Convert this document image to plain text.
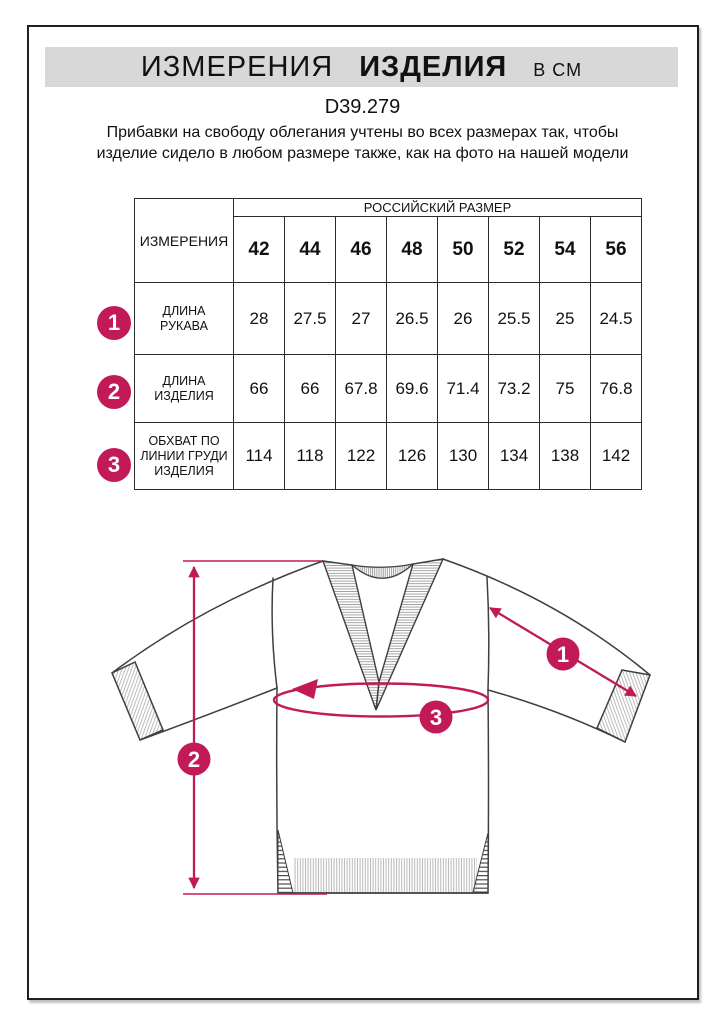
ИЗМЕРЕНИЯ ИЗДЕЛИЯ В СМ
D39.279
Прибавки на свободу облегания учтены во всех размерах так, чтобы изделие сидело в любом размере также, как на фото на нашей модели
ИЗМЕРЕНИЯ	РОССИЙСКИЙ РАЗМЕР							
	42	44	46	48	50	52	54	56
ДЛИНА РУКАВА	28	27.5	27	26.5	26	25.5	25	24.5
ДЛИНА ИЗДЕЛИЯ	66	66	67.8	69.6	71.4	73.2	75	76.8
ОБХВАТ ПО ЛИНИИ ГРУДИ ИЗДЕЛИЯ	114	118	122	126	130	134	138	142
1
2
3
1
2
3
